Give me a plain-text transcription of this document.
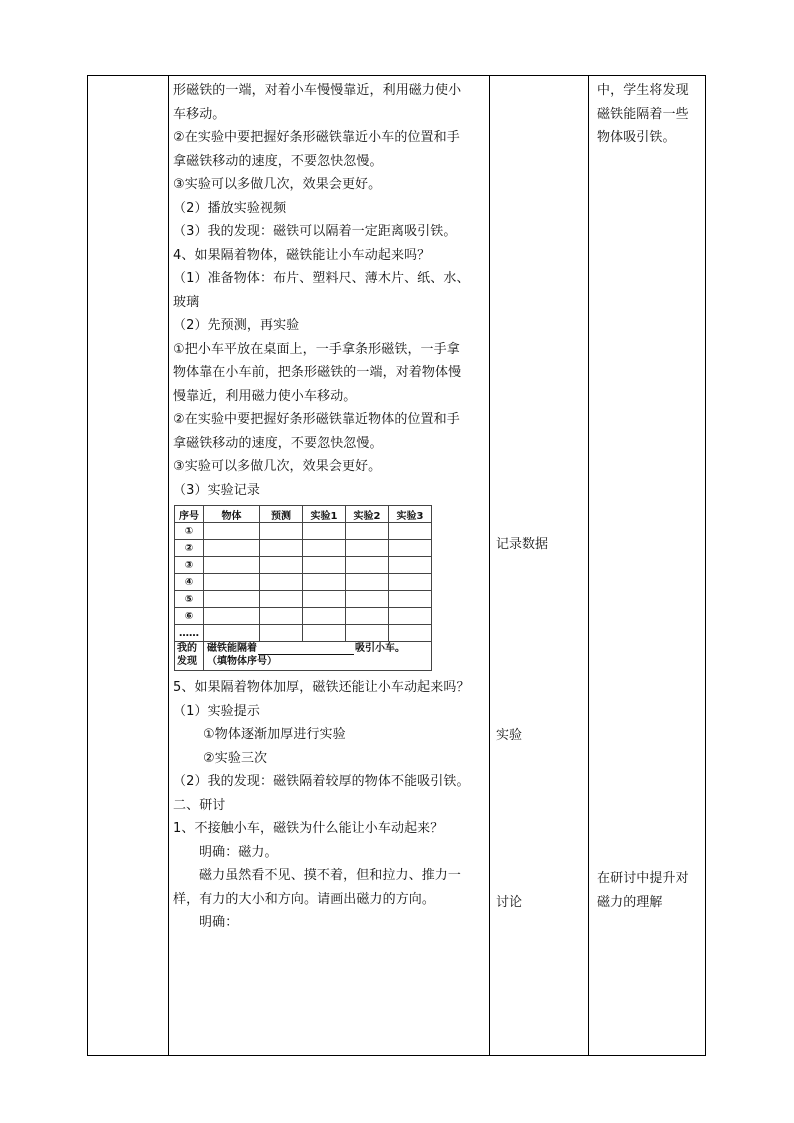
形磁铁的一端，对着小车慢慢靠近，利用磁力使小
车移动。
②在实验中要把握好条形磁铁靠近小车的位置和手
拿磁铁移动的速度，不要忽快忽慢。
③实验可以多做几次，效果会更好。
（2）播放实验视频
（3）我的发现：磁铁可以隔着一定距离吸引铁。
4、如果隔着物体，磁铁能让小车动起来吗？
（1）准备物体：布片、塑料尺、薄木片、纸、水、
玻璃
（2）先预测，再实验
①把小车平放在桌面上，一手拿条形磁铁，一手拿
物体靠在小车前，把条形磁铁的一端，对着物体慢
慢靠近，利用磁力使小车移动。
②在实验中要把握好条形磁铁靠近物体的位置和手
拿磁铁移动的速度，不要忽快忽慢。
③实验可以多做几次，效果会更好。
（3）实验记录
序号	物体	预测	实验1	实验2	实验3
①					
②					
③					
④					
⑤					
⑥					
……					
我的
发现	磁铁能隔着 吸引小车。
（填物体序号）				
5、如果隔着物体加厚，磁铁还能让小车动起来吗？
（1）实验提示
①物体逐渐加厚进行实验
②实验三次
（2）我的发现：磁铁隔着较厚的物体不能吸引铁。
二、研讨
1、不接触小车，磁铁为什么能让小车动起来？
明确：磁力。
磁力虽然看不见、摸不着，但和拉力、推力一
样，有力的大小和方向。请画出磁力的方向。
明确：
记录数据
实验
讨论
中，学生将发现
磁铁能隔着一些
物体吸引铁。
在研讨中提升对
磁力的理解
